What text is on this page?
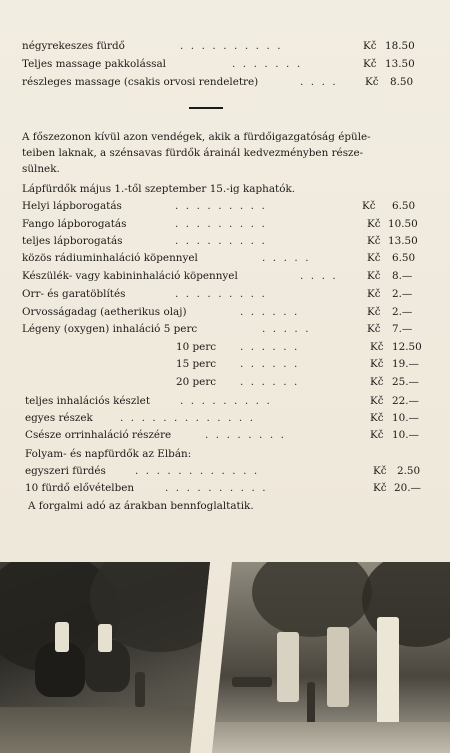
négyrekeszes fürdő	.  .  .  .  .  .  .  .  .  .	Kč 18.50
Teljes massage pakkolással	.  .  .  .  .  .  .	Kč 13.50
részleges massage (csakis orvosi rendeletre)	.  .  .  .	Kč 8.50
A főszezonon kívül azon vendégek, akik a fürdőigazgatóság épüle-
teiben laknak, a szénsavas fürdők árainál kedvezményben része-
sülnek.
Lápfürdők május 1.-től szeptember 15.-ig kaphatók.
Helyi lápborogatás	.  .  .  .  .  .  .  .  .	Kč 6.50
Fango lápborogatás	.  .  .  .  .  .  .  .  .	Kč 10.50
teljes lápborogatás	.  .  .  .  .  .  .  .  .	Kč 13.50
közös rádiuminhaláció köpennyel	.  .  .  .  .	Kč 6.50
Készülék- vagy kabininhaláció köpennyel	.  .  .  .	Kč 8.—
Orr- és garatöblítés	.  .  .  .  .  .  .  .  .	Kč 2.—
Orvosságadag (aetherikus olaj)	.  .  .  .  .  .	Kč 2.—
Légeny (oxygen) inhaláció 5 perc	.  .  .  .  .	Kč 7.—
10 perc .  .  .  .  .  .	Kč 12.50
15 perc .  .  .  .  .  .	Kč 19.—
20 perc .  .  .  .  .  .	Kč 25.—
teljes inhalációs készlet	.  .  .  .  .  .  .  .  .	Kč 22.—
egyes részek	.  .  .  .  .  .  .  .  .  .  .  .  .	Kč 10.—
Csésze orrinhaláció részére	.  .  .  .  .  .  .  .	Kč 10.—
Folyam- és napfürdők az Elbán:
egyszeri fürdés	.  .  .  .  .  .  .  .  .  .  .  .	Kč 2.50
10 fürdő elővételben	.  .  .  .  .  .  .  .  .  .	Kč 20.—
A forgalmi adó az árakban bennfoglaltatik.
